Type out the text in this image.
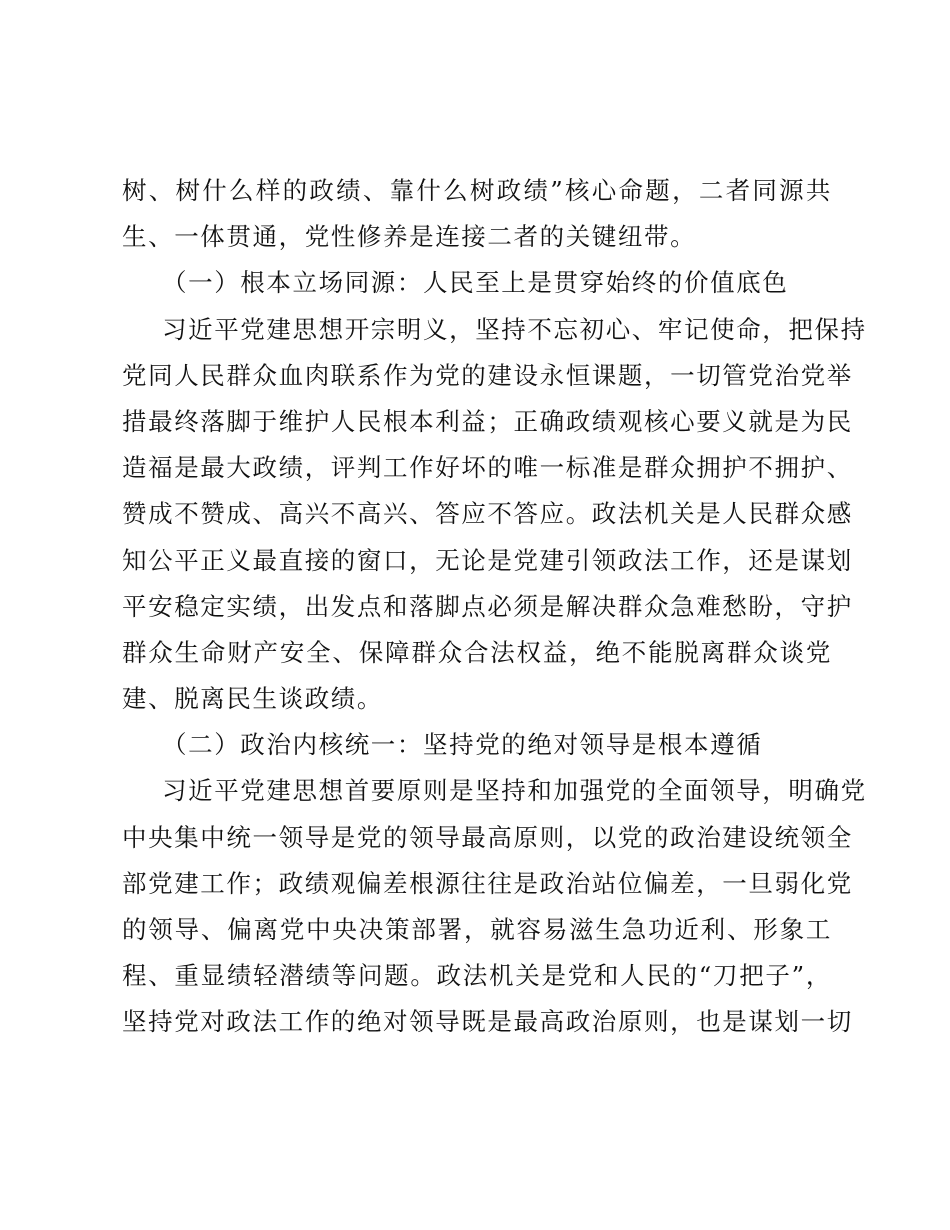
树、树什么样的政绩、靠什么树政绩”核心命题，二者同源共
生、一体贯通，党性修养是连接二者的关键纽带。
（一）根本立场同源：人民至上是贯穿始终的价值底色
习近平党建思想开宗明义，坚持不忘初心、牢记使命，把保持
党同人民群众血肉联系作为党的建设永恒课题，一切管党治党举
措最终落脚于维护人民根本利益；正确政绩观核心要义就是为民
造福是最大政绩，评判工作好坏的唯一标准是群众拥护不拥护、
赞成不赞成、高兴不高兴、答应不答应。政法机关是人民群众感
知公平正义最直接的窗口，无论是党建引领政法工作，还是谋划
平安稳定实绩，出发点和落脚点必须是解决群众急难愁盼，守护
群众生命财产安全、保障群众合法权益，绝不能脱离群众谈党
建、脱离民生谈政绩。
（二）政治内核统一：坚持党的绝对领导是根本遵循
习近平党建思想首要原则是坚持和加强党的全面领导，明确党
中央集中统一领导是党的领导最高原则，以党的政治建设统领全
部党建工作；政绩观偏差根源往往是政治站位偏差，一旦弱化党
的领导、偏离党中央决策部署，就容易滋生急功近利、形象工
程、重显绩轻潜绩等问题。政法机关是党和人民的“刀把子”，
坚持党对政法工作的绝对领导既是最高政治原则，也是谋划一切
